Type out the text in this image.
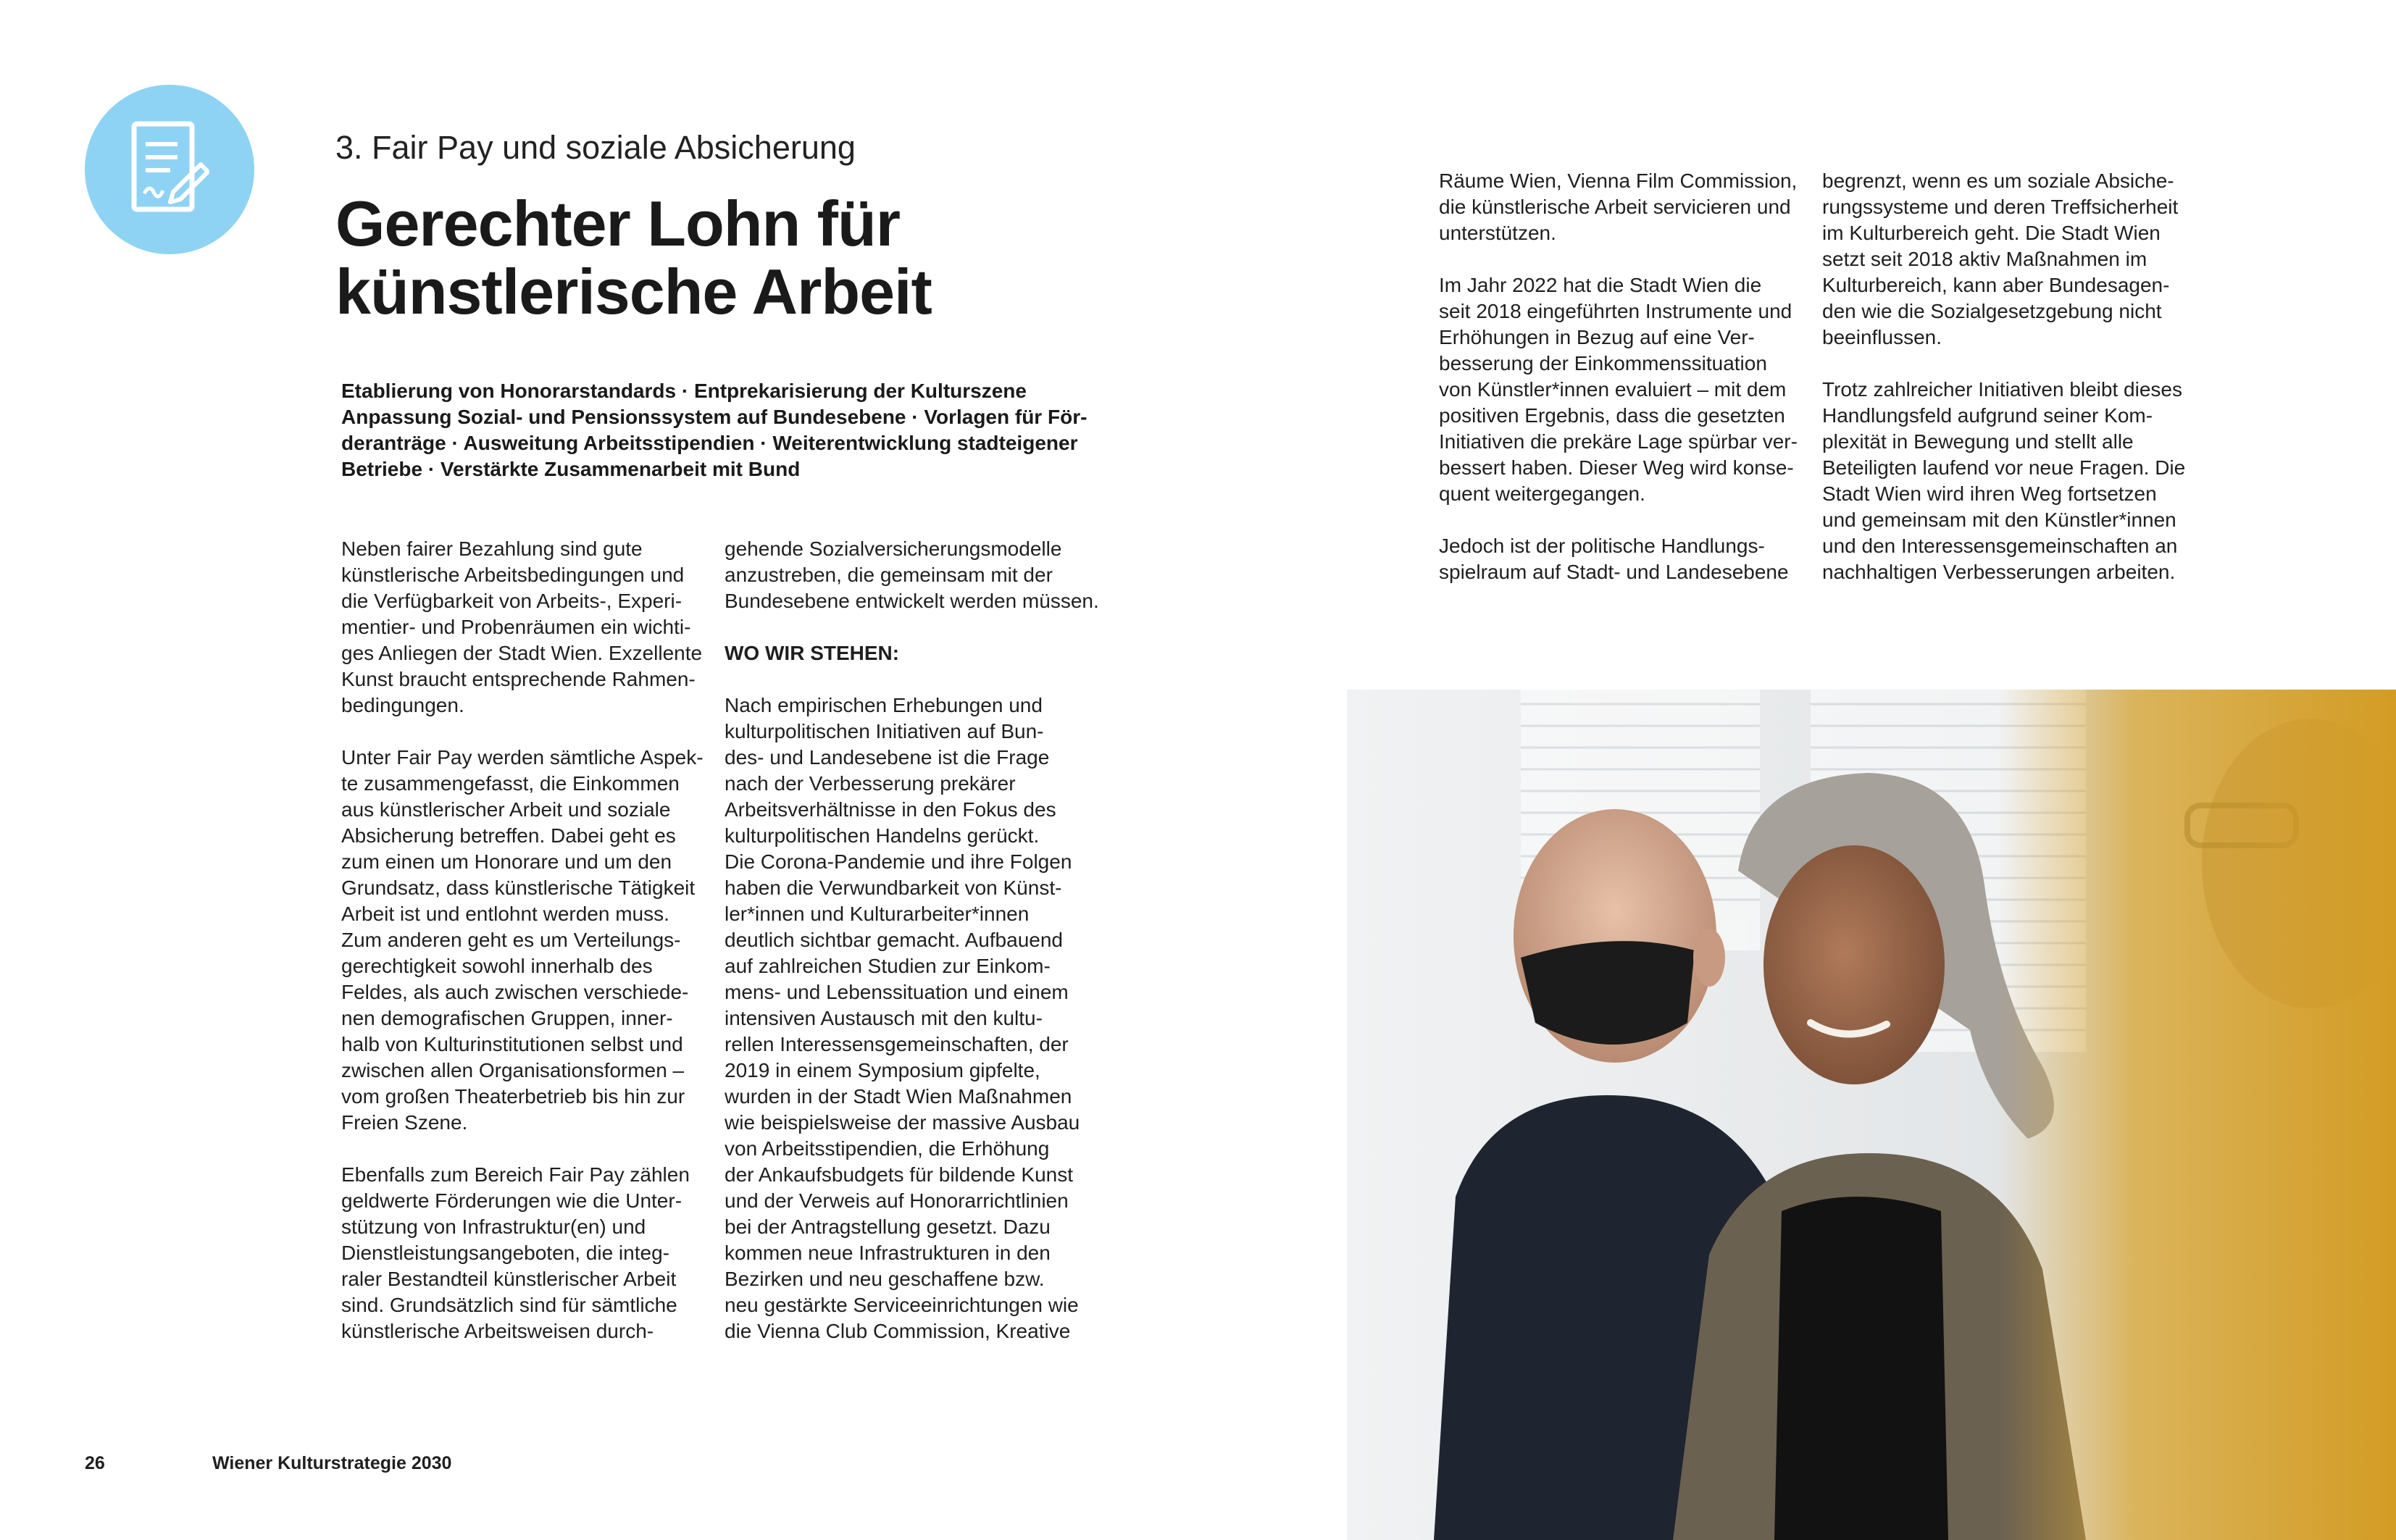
3. Fair Pay und soziale Absicherung
Gerechter Lohn für
künstlerische Arbeit
Etablierung von Honorarstandards · Entprekarisierung der Kulturszene
Anpassung Sozial- und Pensionssystem auf Bundesebene · Vorlagen für För-
deranträge · Ausweitung Arbeitsstipendien · Weiterentwicklung stadteigener
Betriebe · Verstärkte Zusammenarbeit mit Bund
Neben fairer Bezahlung sind gute
künstlerische Arbeitsbedingungen und
die Verfügbarkeit von Arbeits-, Experi-
mentier- und Probenräumen ein wichti-
ges Anliegen der Stadt Wien. Exzellente
Kunst braucht entsprechende Rahmen-
bedingungen.
Unter Fair Pay werden sämtliche Aspek-
te zusammengefasst, die Einkommen
aus künstlerischer Arbeit und soziale
Absicherung betreffen. Dabei geht es
zum einen um Honorare und um den
Grundsatz, dass künstlerische Tätigkeit
Arbeit ist und entlohnt werden muss.
Zum anderen geht es um Verteilungs-
gerechtigkeit sowohl innerhalb des
Feldes, als auch zwischen verschiede-
nen demografischen Gruppen, inner-
halb von Kulturinstitutionen selbst und
zwischen allen Organisationsformen –
vom großen Theaterbetrieb bis hin zur
Freien Szene.
Ebenfalls zum Bereich Fair Pay zählen
geldwerte Förderungen wie die Unter-
stützung von Infrastruktur(en) und
Dienstleistungsangeboten, die integ-
raler Bestandteil künstlerischer Arbeit
sind. Grundsätzlich sind für sämtliche
künstlerische Arbeitsweisen durch-
gehende Sozialversicherungsmodelle
anzustreben, die gemeinsam mit der
Bundesebene entwickelt werden müssen.
WO WIR STEHEN:
Nach empirischen Erhebungen und
kulturpolitischen Initiativen auf Bun-
des- und Landesebene ist die Frage
nach der Verbesserung prekärer
Arbeitsverhältnisse in den Fokus des
kulturpolitischen Handelns gerückt.
Die Corona-Pandemie und ihre Folgen
haben die Verwundbarkeit von Künst-
ler*innen und Kulturarbeiter*innen
deutlich sichtbar gemacht. Aufbauend
auf zahlreichen Studien zur Einkom-
mens- und Lebenssituation und einem
intensiven Austausch mit den kultu-
rellen Interessensgemeinschaften, der
2019 in einem Symposium gipfelte,
wurden in der Stadt Wien Maßnahmen
wie beispielsweise der massive Ausbau
von Arbeitsstipendien, die Erhöhung
der Ankaufsbudgets für bildende Kunst
und der Verweis auf Honorarrichtlinien
bei der Antragstellung gesetzt. Dazu
kommen neue Infrastrukturen in den
Bezirken und neu geschaffene bzw.
neu gestärkte Serviceeinrichtungen wie
die Vienna Club Commission, Kreative
Räume Wien, Vienna Film Commission,
die künstlerische Arbeit servicieren und
unterstützen.
Im Jahr 2022 hat die Stadt Wien die
seit 2018 eingeführten Instrumente und
Erhöhungen in Bezug auf eine Ver-
besserung der Einkommenssituation
von Künstler*innen evaluiert – mit dem
positiven Ergebnis, dass die gesetzten
Initiativen die prekäre Lage spürbar ver-
bessert haben. Dieser Weg wird konse-
quent weitergegangen.
Jedoch ist der politische Handlungs-
spielraum auf Stadt- und Landesebene
begrenzt, wenn es um soziale Absiche-
rungssysteme und deren Treffsicherheit
im Kulturbereich geht. Die Stadt Wien
setzt seit 2018 aktiv Maßnahmen im
Kulturbereich, kann aber Bundesagen-
den wie die Sozialgesetzgebung nicht
beeinflussen.
Trotz zahlreicher Initiativen bleibt dieses
Handlungsfeld aufgrund seiner Kom-
plexität in Bewegung und stellt alle
Beteiligten laufend vor neue Fragen. Die
Stadt Wien wird ihren Weg fortsetzen
und gemeinsam mit den Künstler*innen
und den Interessensgemeinschaften an
nachhaltigen Verbesserungen arbeiten.
26	Wiener Kulturstrategie 2030
